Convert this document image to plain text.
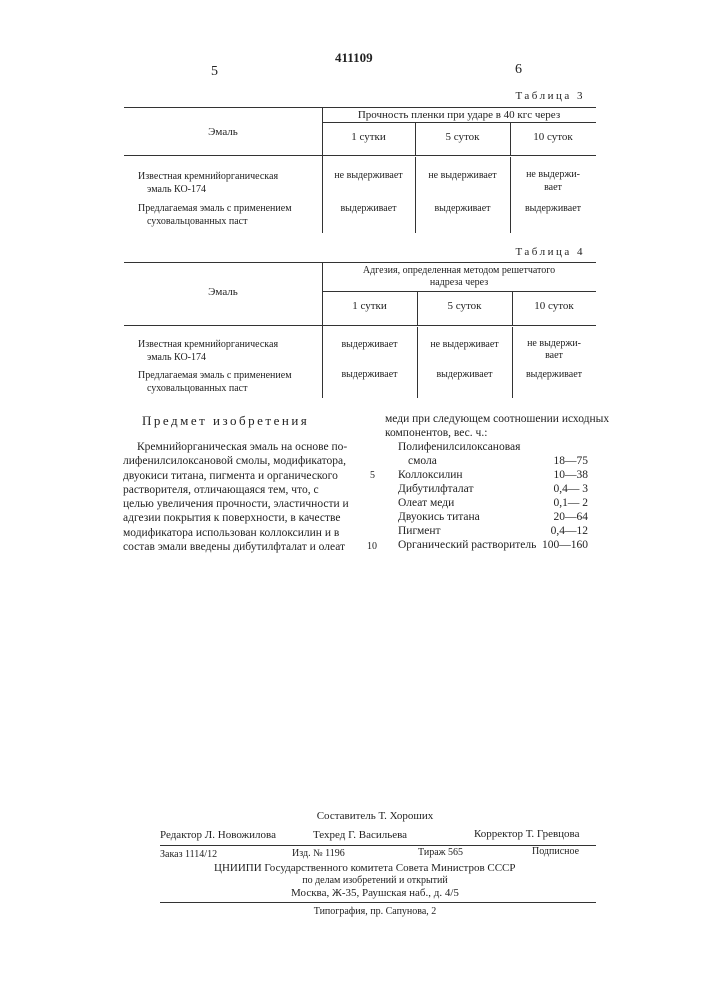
411109
5	6
Таблица 3
Прочность пленки при ударе в 40 кгс через
Эмаль	1 сутки	5 суток	10 суток
Известная кремнийорганическая
эмаль КО-174
не выдерживает	не выдерживает	не выдержи-
вает
Предлагаемая эмаль с применением
суховальцованных паст
выдерживает	выдерживает	выдерживает
Таблица 4
Адгезия, определенная методом решетчатого
надреза через
Эмаль
1 сутки	5 суток	10 суток
Известная кремнийорганическая
эмаль КО-174
выдерживает	не выдерживает	не выдержи-
вает
Предлагаемая эмаль с применением
суховальцованных паст
выдерживает	выдерживает	выдерживает
Предмет изобретения
Кремнийорганическая эмаль на основе по-
лифенилсилоксановой смолы, модификатора,
двуокиси титана, пигмента и органического
растворителя, отличающаяся тем, что, с
целью увеличения прочности, эластичности и
адгезии покрытия к поверхности, в качестве
модификатора использован коллоксилин и в
состав эмали введены дибутилфталат и олеат
5
10
меди при следующем соотношении исходных
компонентов, вес. ч.:
Полифенилсилоксановая
смола	18—75
Коллоксилин	10—38
Дибутилфталат	0,4— 3
Олеат меди	0,1— 2
Двуокись титана	20—64
Пигмент	0,4—12
Органический растворитель 100—160
Составитель Т. Хороших
Редактор Л. Новожилова	Техред Г. Васильева	Корректор Т. Гревцова
Заказ 1114/12	Изд. № 1196	Тираж 565	Подписное
ЦНИИПИ Государственного комитета Совета Министров СССР
по делам изобретений и открытий
Москва, Ж-35, Раушская наб., д. 4/5
Типография, пр. Сапунова, 2
